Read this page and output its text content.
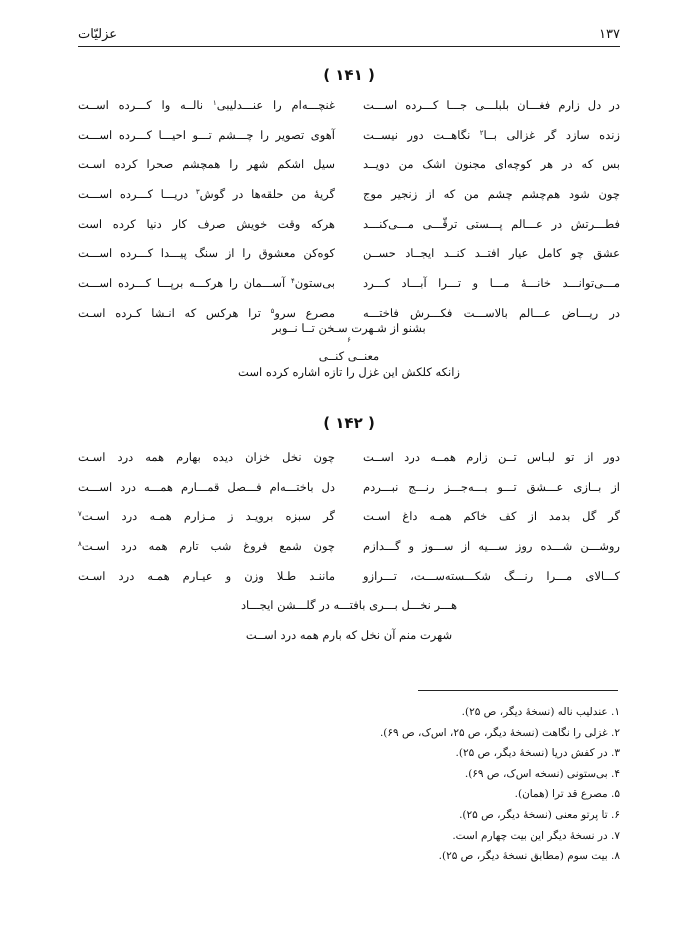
۱۳۷
عزلیّات
( ۱۴۱ )
در دل زارم فغـــان بلبلـــی جـــا کـــرده اســـت
غنچـــه‌ام را عنـــدلیبی$^۱$ نالــه وا کـــرده اســت
زنده سازد گر غزالی بــا$^۲$ نگاهــت دور نیســت
آهوی تصویر را چـــشم تـــو احیـــا کـــرده اســـت
بس که در هر کوچه‌ای مجنون اشک من دویــد
سیل اشکم شهر را همچشم صحرا کرده اسـت
چون شود هم‌چشم چشم من که از زنجیر موج
گریهٔ من حلقه‌ها در گوش$^۳$ دریـــا کـــرده اســـت
فطـــرتش در عـــالم پـــستی ترقّـــی مـــی‌کنـــد
هرکه وقت خویش صرف کار دنیا کرده است
عشق چو کامل عیار افتــد کنــد ایجــاد حســن
کوه‌کن معشوق را از سنگ پیـــدا کـــرده اســـت
مـــی‌توانـــد خانـــهٔ مـــا و تـــرا آبـــاد کـــرد
بی‌ستون$^۴$ آســـمان را هرکـــه برپـــا کـــرده اســـت
در ریـــاض عـــالم بالاســـت فکـــرش فاختـــه
مصرع سرو$^۵$ ترا هرکس که انـشا کـرده اسـت
بشنو از شـهرت سـخن تــا نــوبر
$^۶$
معنــی کنــی
زانکه کلکش این غزل را تازه اشاره کرده است
( ۱۴۲ )
دور از تو لبـاس تــن زارم همــه درد اســت
چون نخل خزان دیده بهارم همه درد اسـت
از بــازی عـــشق تـــو بـــه‌جـــز رنـــج نبـــردم
دل باختـــه‌ام فـــصل قمـــارم همـــه درد اســـت
گر گل بدمد از کف خاکم همـه داغ اسـت
گر سبزه برویـد ز مـزارم همـه درد اسـت$^۷$
روشـــن شـــده روز ســـیه از ســـوز و گـــدازم
چون شمع فروغ شب تارم همه درد اسـت$^۸$
کـــالای مـــرا رنـــگ شکـــسته‌ســـت، تـــرازو
ماننـد طـلا وزن و عیـارم همـه درد اسـت
هـــر نخـــل بـــری بافتـــه در گلـــشن ایجـــاد
شهرت منم آن نخل که بارم همه درد اســت
۱. عندلیب ناله (نسخهٔ دیگر، ص ۲۵).
۲. غزلی را نگاهت (نسخهٔ دیگر، ص ۲۵، اس‌ک، ص ۶۹).
۳. در کفش دریا (نسخهٔ دیگر، ص ۲۵).
۴. بی‌ستونی (نسخه اس‌ک، ص ۶۹).
۵. مصرع قد ترا (همان).
۶. تا پرتو معنی (نسخهٔ دیگر، ص ۲۵).
۷. در نسخهٔ دیگر این بیت چهارم است.
۸. بیت سوم (مطابق نسخهٔ دیگر، ص ۲۵).
